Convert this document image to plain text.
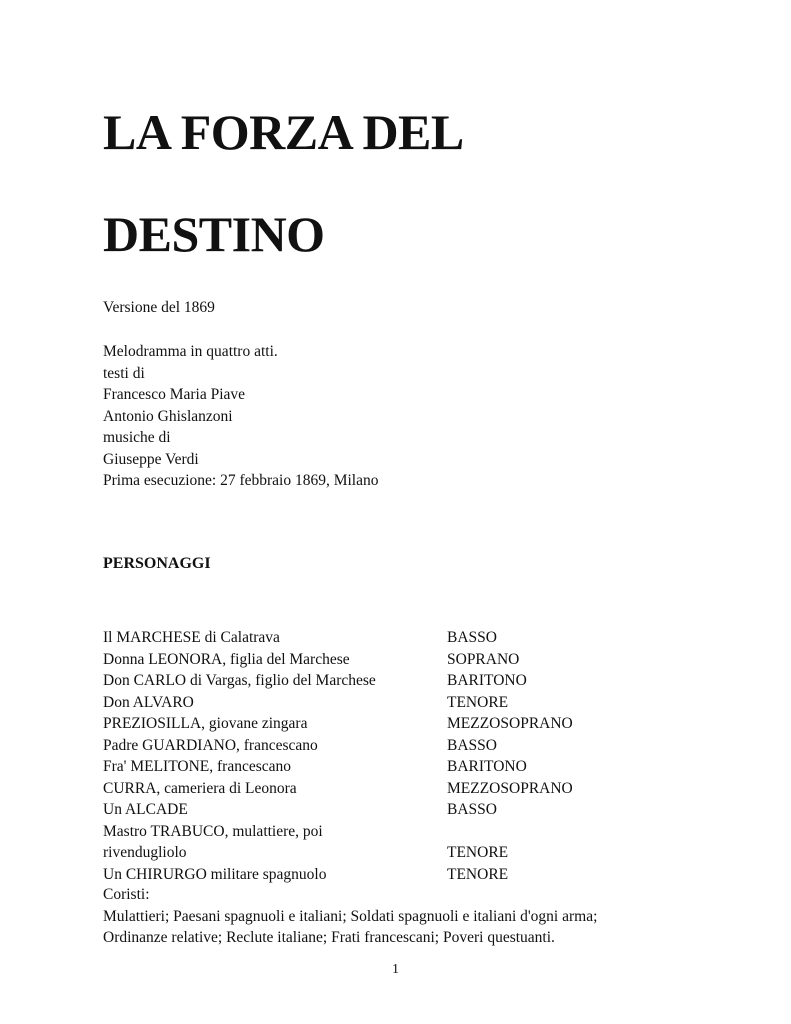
LA FORZA DEL
DESTINO
Versione del 1869
Melodramma in quattro atti.
testi di
Francesco Maria Piave
Antonio Ghislanzoni
musiche di
Giuseppe Verdi
Prima esecuzione: 27 febbraio 1869, Milano
PERSONAGGI
Il MARCHESE di Calatrava	BASSO
Donna LEONORA, figlia del Marchese	SOPRANO
Don CARLO di Vargas, figlio del Marchese	BARITONO
Don ALVARO	TENORE
PREZIOSILLA, giovane zingara	MEZZOSOPRANO
Padre GUARDIANO, francescano	BASSO
Fra' MELITONE, francescano	BARITONO
CURRA, cameriera di Leonora	MEZZOSOPRANO
Un ALCADE	BASSO
Mastro TRABUCO, mulattiere, poi	
rivendugliolo	TENORE
Un CHIRURGO militare spagnuolo	TENORE
Coristi:
Mulattieri; Paesani spagnuoli e italiani; Soldati spagnuoli e italiani d'ogni arma;
Ordinanze relative; Reclute italiane; Frati francescani; Poveri questuanti.
1
